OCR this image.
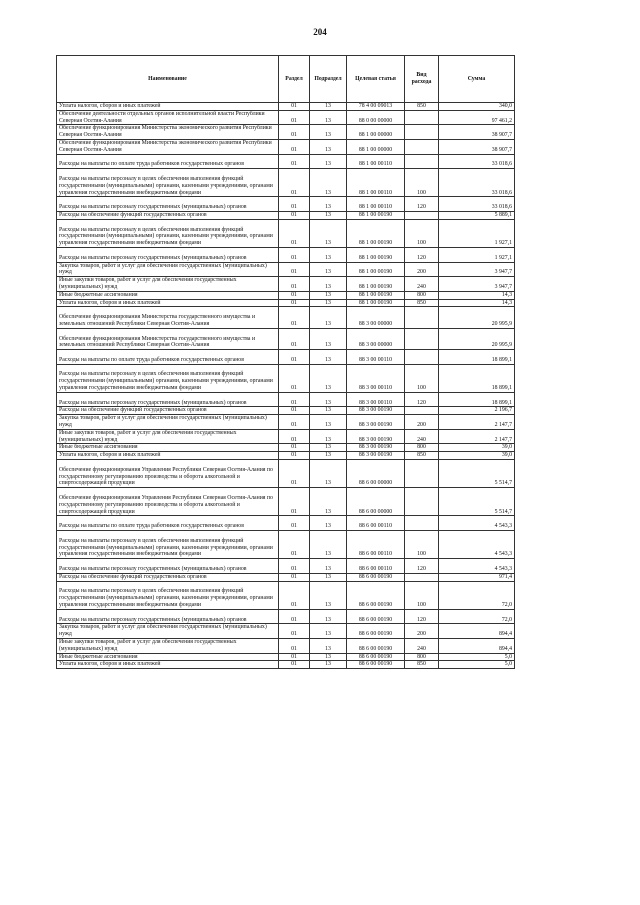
204
Наименование	Раздел	Подраздел	Целевая статья	Вид расхода	Сумма
Уплата налогов, сборов и иных платежей	01	13	78 4 00 09013	850	340,0
Обеспечение деятельности отдельных органов исполнительной власти Республики Северная Осетия-Алания	01	13	88 0 00 00000		97 461,2
Обеспечение функционирования Министерства экономического развития Республики Северная Осетия-Алания	01	13	88 1 00 00000		38 907,7
Обеспечение функционирования Министерства экономического развития Республики Северная Осетия-Алания	01	13	88 1 00 00000		38 907,7
Расходы на выплаты по оплате труда работников государственных органов	01	13	88 1 00 00110		33 018,6
Расходы на выплаты персоналу в целях обеспечения выполнения функций государственными (муниципальными) органами, казенными учреждениями, органами управления государственными внебюджетными фондами	01	13	88 1 00 00110	100	33 018,6
Расходы на выплаты персоналу государственных (муниципальных) органов	01	13	88 1 00 00110	120	33 018,6
Расходы на обеспечение функций государственных органов	01	13	88 1 00 00190		5 889,1
Расходы на выплаты персоналу в целях обеспечения выполнения функций государственными (муниципальными) органами, казенными учреждениями, органами управления государственными внебюджетными фондами	01	13	88 1 00 00190	100	1 927,1
Расходы на выплаты персоналу государственных (муниципальных) органов	01	13	88 1 00 00190	120	1 927,1
Закупка товаров, работ и услуг для обеспечения государственных (муниципальных) нужд	01	13	88 1 00 00190	200	3 947,7
Иные закупки товаров, работ и услуг для обеспечения государственных (муниципальных) нужд	01	13	88 1 00 00190	240	3 947,7
Иные бюджетные ассигнования	01	13	88 1 00 00190	800	14,3
Уплата налогов, сборов и иных платежей	01	13	88 1 00 00190	850	14,3
Обеспечение функционирования Министерства государственного имущества и земельных отношений Республики Северная Осетия-Алания	01	13	88 3 00 00000		20 995,9
Обеспечение функционирования Министерства государственного имущества и земельных отношений Республики Северная Осетия-Алания	01	13	88 3 00 00000		20 995,9
Расходы на выплаты по оплате труда работников государственных органов	01	13	88 3 00 00110		18 899,1
Расходы на выплаты персоналу в целях обеспечения выполнения функций государственными (муниципальными) органами, казенными учреждениями, органами управления государственными внебюджетными фондами	01	13	88 3 00 00110	100	18 899,1
Расходы на выплаты персоналу государственных (муниципальных) органов	01	13	88 3 00 00110	120	18 899,1
Расходы на обеспечение функций государственных органов	01	13	88 3 00 00190		2 196,7
Закупка товаров, работ и услуг для обеспечения государственных (муниципальных) нужд	01	13	88 3 00 00190	200	2 147,7
Иные закупки товаров, работ и услуг для обеспечения государственных (муниципальных) нужд	01	13	88 3 00 00190	240	2 147,7
Иные бюджетные ассигнования	01	13	88 3 00 00190	800	39,0
Уплата налогов, сборов и иных платежей	01	13	88 3 00 00190	850	39,0
Обеспечение функционирования Управления Республики Северная Осетия-Алания по государственному регулированию производства и оборота алкогольной и спиртосодержащей продукции	01	13	88 6 00 00000		5 514,7
Обеспечение функционирования Управления Республики Северная Осетия-Алания по государственному регулированию производства и оборота алкогольной и спиртосодержащей продукции	01	13	88 6 00 00000		5 514,7
Расходы на выплаты по оплате труда работников государственных органов	01	13	88 6 00 00110		4 543,3
Расходы на выплаты персоналу в целях обеспечения выполнения функций государственными (муниципальными) органами, казенными учреждениями, органами управления государственными внебюджетными фондами	01	13	88 6 00 00110	100	4 543,3
Расходы на выплаты персоналу государственных (муниципальных) органов	01	13	88 6 00 00110	120	4 543,3
Расходы на обеспечение функций государственных органов	01	13	88 6 00 00190		971,4
Расходы на выплаты персоналу в целях обеспечения выполнения функций государственными (муниципальными) органами, казенными учреждениями, органами управления государственными внебюджетными фондами	01	13	88 6 00 00190	100	72,0
Расходы на выплаты персоналу государственных (муниципальных) органов	01	13	88 6 00 00190	120	72,0
Закупка товаров, работ и услуг для обеспечения государственных (муниципальных) нужд	01	13	88 6 00 00190	200	894,4
Иные закупки товаров, работ и услуг для обеспечения государственных (муниципальных) нужд	01	13	88 6 00 00190	240	894,4
Иные бюджетные ассигнования	01	13	88 6 00 00190	800	5,0
Уплата налогов, сборов и иных платежей	01	13	88 6 00 00190	850	5,0
